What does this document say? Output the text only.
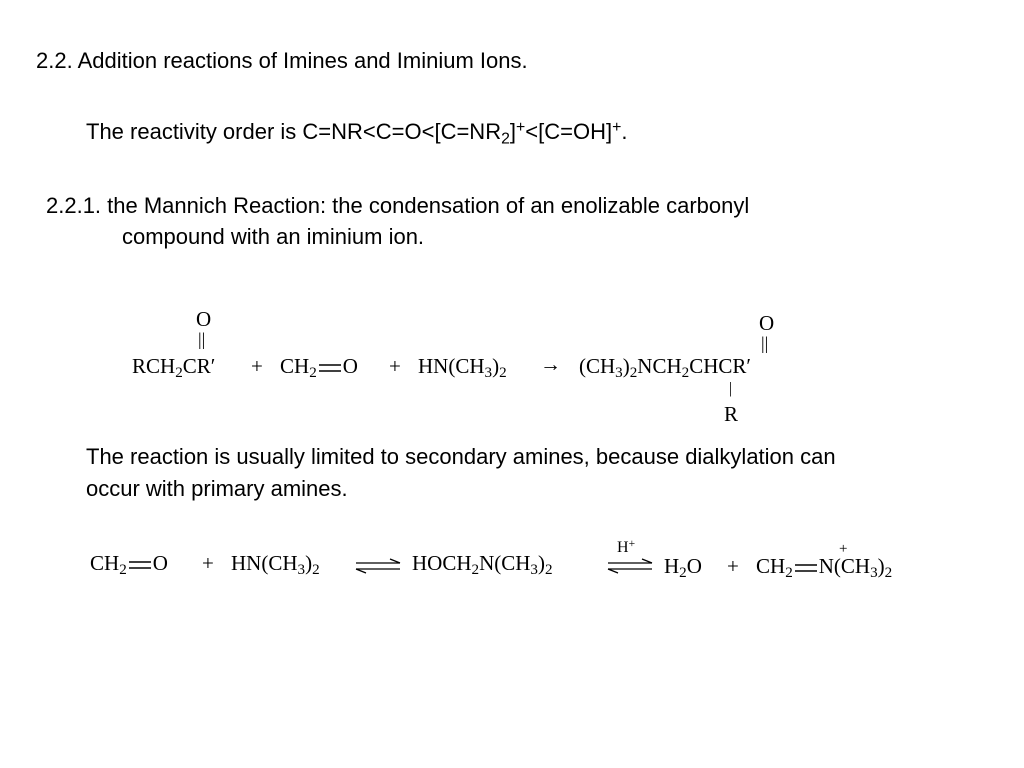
2.2. Addition reactions of Imines and Iminium Ions.
The reactivity order is $C=NR<C=O<[C=NR_2]^+<[C=OH]^+$.
2.2.1. the Mannich Reaction: the condensation of an enolizable carbonyl
compound with an iminium ion.
O
||
$RCH_2CR' + CH_2$ $O + HN(CH_3)_2$ →
O
||
$(CH_3)_2NCH_2CHCR'$
|
R
The reaction is usually limited to secondary amines, because dialkylation can
occur with primary amines.
$CH_2$ $O + HN(CH_3)_2$ ⇌ $HOCH_2N(CH_3)_2$
H+
⇌ $H_2O + CH_2$ $N(CH_3)_2$
+
